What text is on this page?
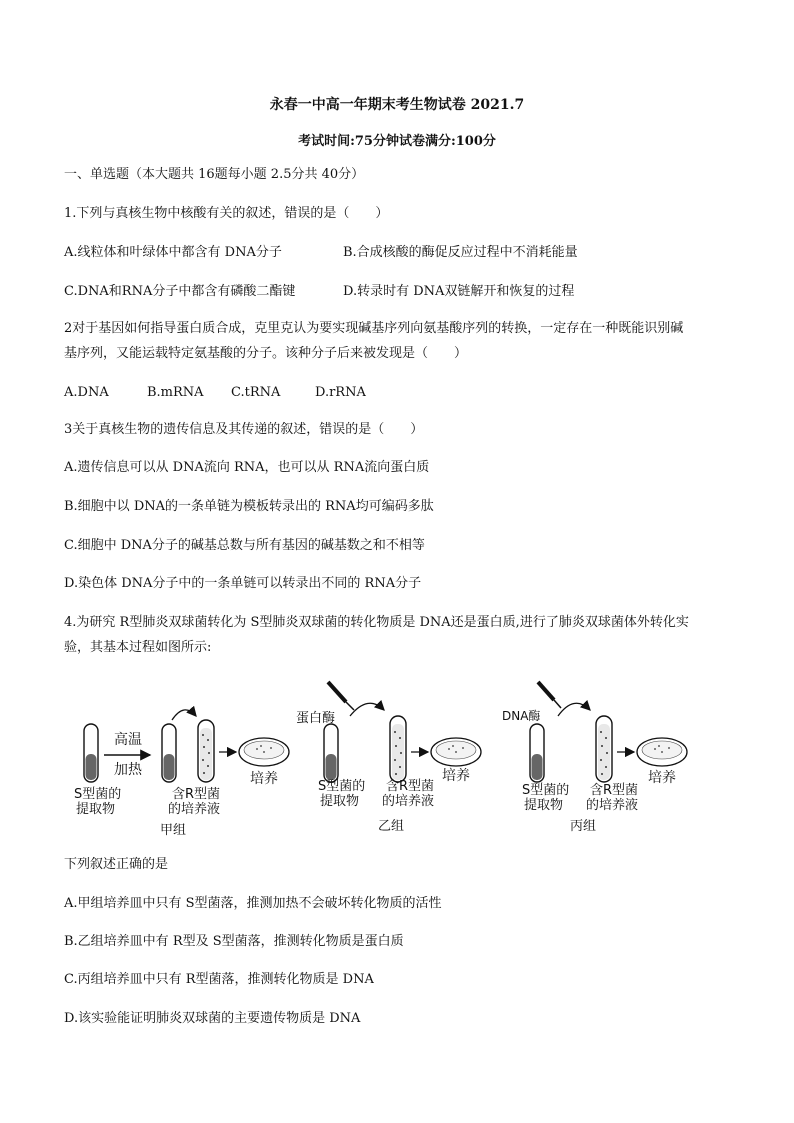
永春一中高一年期末考生物试卷 2021.7
考试时间:75分钟试卷满分:100分
一、单选题（本大题共 16题每小题 2.5分共 40分）
1.下列与真核生物中核酸有关的叙述，错误的是（　　）
A.线粒体和叶绿体中都含有 DNA分子	B.合成核酸的酶促反应过程中不消耗能量
C.DNA和RNA分子中都含有磷酸二酯键	D.转录时有 DNA双链解开和恢复的过程
2对于基因如何指导蛋白质合成，克里克认为要实现碱基序列向氨基酸序列的转换，一定存在一种既能识别碱
基序列，又能运载特定氨基酸的分子。该种分子后来被发现是（　　）
A.DNA	B.mRNA C.tRNA	D.rRNA
3关于真核生物的遗传信息及其传递的叙述，错误的是（　　）
A.遗传信息可以从 DNA流向 RNA，也可以从 RNA流向蛋白质
B.细胞中以 DNA的一条单链为模板转录出的 RNA均可编码多肽
C.细胞中 DNA分子的碱基总数与所有基因的碱基数之和不相等
D.染色体 DNA分子中的一条单链可以转录出不同的 RNA分子
4.为研究 R型肺炎双球菌转化为 S型肺炎双球菌的转化物质是 DNA还是蛋白质,进行了肺炎双球菌体外转化实
验，其基本过程如图所示:
高温
加热
培养
S型菌的
提取物
含R型菌
的培养液
甲组
蛋白酶
培养
S型菌的
提取物
含R型菌
的培养液
乙组
DNA酶
培养
S型菌的
提取物
含R型菌
的培养液
丙组
下列叙述正确的是
A.甲组培养皿中只有 S型菌落，推测加热不会破坏转化物质的活性
B.乙组培养皿中有 R型及 S型菌落，推测转化物质是蛋白质
C.丙组培养皿中只有 R型菌落，推测转化物质是 DNA
D.该实验能证明肺炎双球菌的主要遗传物质是 DNA
